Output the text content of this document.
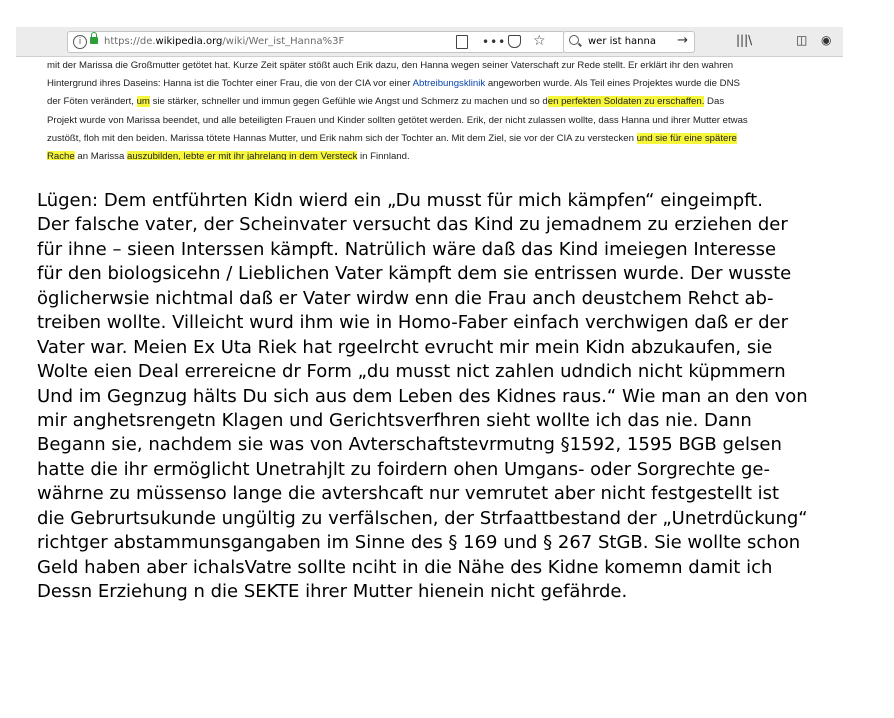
i	https://de.wikipedia.org/wiki/Wer_ist_Hanna%3F	••• ☆	wer ist hanna →	|||\	◫ ◉
mit der Marissa die Großmutter getötet hat. Kurze Zeit später stößt auch Erik dazu, den Hanna wegen seiner Vaterschaft zur Rede stellt. Er erklärt ihr den wahren
Hintergrund ihres Daseins: Hanna ist die Tochter einer Frau, die von der CIA vor einer Abtreibungsklinik angeworben wurde. Als Teil eines Projektes wurde die DNS
der Föten verändert, um sie stärker, schneller und immun gegen Gefühle wie Angst und Schmerz zu machen und so den perfekten Soldaten zu erschaffen. Das
Projekt wurde von Marissa beendet, und alle beteiligten Frauen und Kinder sollten getötet werden. Erik, der nicht zulassen wollte, dass Hanna und ihrer Mutter etwas
zustößt, floh mit den beiden. Marissa tötete Hannas Mutter, und Erik nahm sich der Tochter an. Mit dem Ziel, sie vor der CIA zu verstecken und sie für eine spätere
Rache an Marissa auszubilden, lebte er mit ihr jahrelang in dem Versteck in Finnland.
Lügen: Dem entführten Kidn wierd ein „Du musst für mich kämpfen“ eingeimpft.
Der falsche vater, der Scheinvater versucht das Kind zu jemadnem zu erziehen der
für ihne – sieen Interssen kämpft. Natrülich wäre daß das Kind imeiegen Interesse
für den biologsicehn / Lieblichen Vater kämpft dem sie entrissen wurde. Der wusste
öglicherwsie nichtmal daß er Vater wirdw enn die Frau anch deustchem Rehct ab-
treiben wollte. Villeicht wurd ihm wie in Homo-Faber einfach verchwigen daß er der
Vater war. Meien Ex Uta Riek hat rgeelrcht evrucht mir mein Kidn abzukaufen, sie
Wolte eien Deal errereicne dr Form „du musst nict zahlen udndich nicht küpmmern
Und im Gegnzug hälts Du sich aus dem Leben des Kidnes raus.“ Wie man an den von
mir anghetsrengetn Klagen und Gerichtsverfhren sieht wollte ich das nie. Dann
Begann sie, nachdem sie was von Avterschaftstevrmutng §1592, 1595 BGB gelsen
hatte die ihr ermöglicht Unetrahjlt zu foirdern ohen Umgans- oder Sorgrechte ge-
währne zu müssenso lange die avtershcaft nur vemrutet aber nicht festgestellt ist
die Gebrurtsukunde ungültig zu verfälschen, der Strfaattbestand der „Unetrdückung“
richtger abstammunsgangaben im Sinne des § 169 und § 267 StGB. Sie wollte schon
Geld haben aber ichalsVatre sollte nciht in die Nähe des Kidne komemn damit ich
Dessn Erziehung n die SEKTE ihrer Mutter hienein nicht gefährde.
